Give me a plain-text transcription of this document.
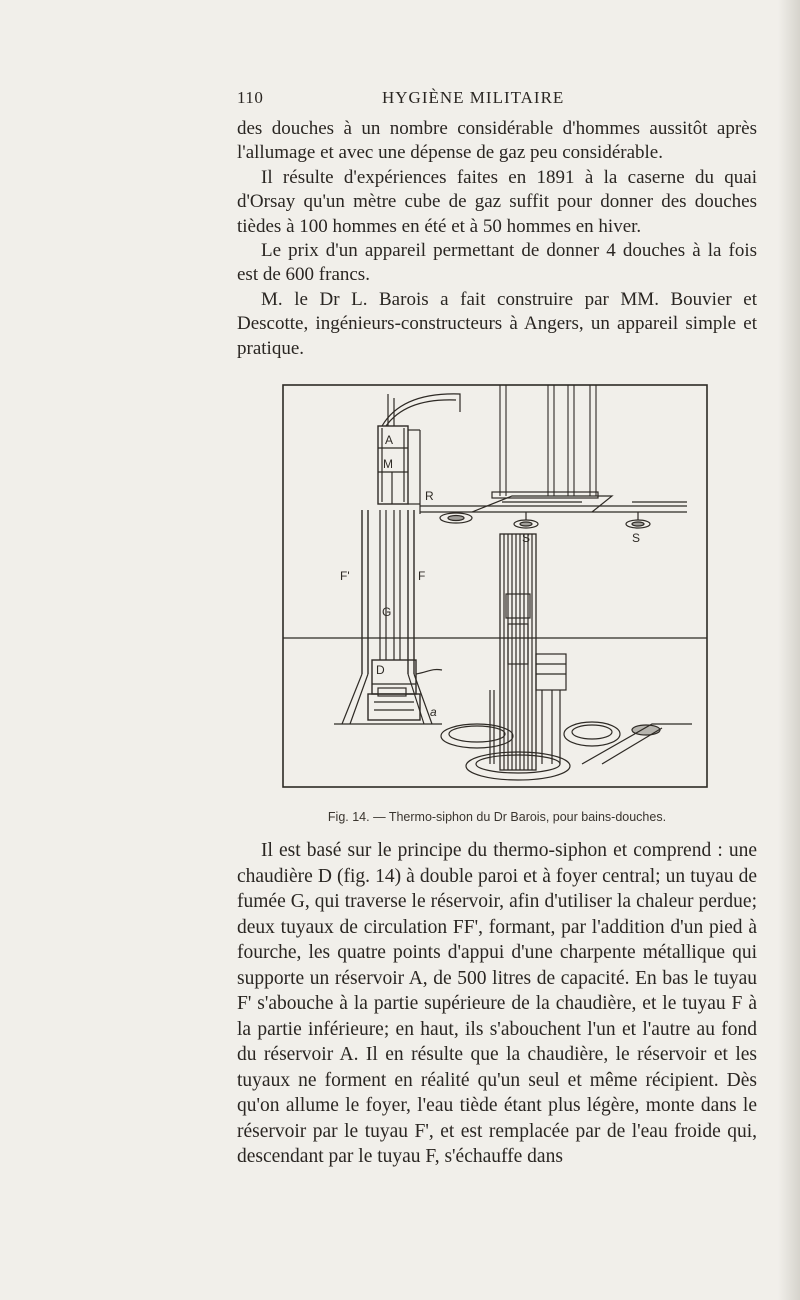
110	HYGIÈNE MILITAIRE

des douches à un nombre considérable d'hommes aussitôt après l'allumage et avec une dépense de gaz peu considérable.

Il résulte d'expériences faites en 1891 à la caserne du quai d'Orsay qu'un mètre cube de gaz suffit pour donner des douches tièdes à 100 hommes en été et à 50 hommes en hiver.

Le prix d'un appareil permettant de donner 4 douches à la fois est de 600 francs.

M. le Dr L. Barois a fait construire par MM. Bouvier et Descotte, ingénieurs-constructeurs à Angers, un appareil simple et pratique.

A
M
R
S	S
F'	F
G
D
a
Fig. 14. — Thermo-siphon du Dr Barois, pour bains-douches.

Il est basé sur le principe du thermo-siphon et comprend : une chaudière D (fig. 14) à double paroi et à foyer central; un tuyau de fumée G, qui traverse le réservoir, afin d'utiliser la chaleur perdue; deux tuyaux de circulation FF', formant, par l'addition d'un pied à fourche, les quatre points d'appui d'une charpente métallique qui supporte un réservoir A, de 500 litres de capacité. En bas le tuyau F' s'abouche à la partie supérieure de la chaudière, et le tuyau F à la partie inférieure; en haut, ils s'abouchent l'un et l'autre au fond du réservoir A. Il en résulte que la chaudière, le réservoir et les tuyaux ne forment en réalité qu'un seul et même récipient. Dès qu'on allume le foyer, l'eau tiède étant plus légère, monte dans le réservoir par le tuyau F', et est remplacée par de l'eau froide qui, descendant par le tuyau F, s'échauffe dans
